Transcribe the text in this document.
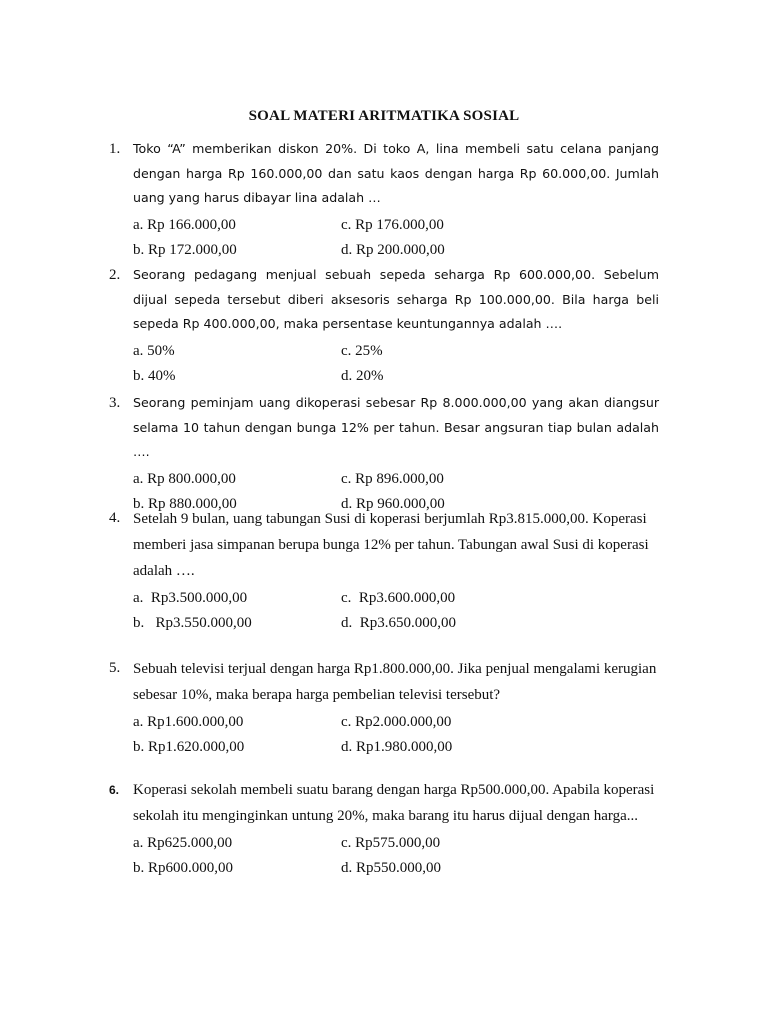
SOAL MATERI ARITMATIKA SOSIAL
1. Toko “A” memberikan diskon 20%. Di toko A, lina membeli satu celana panjang dengan harga Rp 160.000,00 dan satu kaos dengan harga Rp 60.000,00. Jumlah uang yang harus dibayar lina adalah …
a. Rp 166.000,00	c. Rp 176.000,00
b. Rp 172.000,00	d. Rp 200.000,00
2. Seorang pedagang menjual sebuah sepeda seharga Rp 600.000,00. Sebelum dijual sepeda tersebut diberi aksesoris seharga Rp 100.000,00. Bila harga beli sepeda Rp 400.000,00, maka persentase keuntungannya adalah ….
a. 50%	c. 25%
b. 40%	d. 20%
3. Seorang peminjam uang dikoperasi sebesar Rp 8.000.000,00 yang akan diangsur selama 10 tahun dengan bunga 12% per tahun. Besar angsuran tiap bulan adalah ….
a. Rp 800.000,00	c. Rp 896.000,00
b. Rp 880.000,00	d. Rp 960.000,00
4. Setelah 9 bulan, uang tabungan Susi di koperasi berjumlah Rp3.815.000,00. Koperasi memberi jasa simpanan berupa bunga 12% per tahun. Tabungan awal Susi di koperasi adalah ….
a.  Rp3.500.000,00	c.  Rp3.600.000,00
b.   Rp3.550.000,00	d.  Rp3.650.000,00
5. Sebuah televisi terjual dengan harga Rp1.800.000,00. Jika penjual mengalami kerugian sebesar 10%, maka berapa harga pembelian televisi tersebut?
a. Rp1.600.000,00	c. Rp2.000.000,00
b. Rp1.620.000,00	d. Rp1.980.000,00
6. Koperasi sekolah membeli suatu barang dengan harga Rp500.000,00. Apabila koperasi sekolah itu menginginkan untung 20%, maka barang itu harus dijual dengan harga...
a. Rp625.000,00	c. Rp575.000,00
b. Rp600.000,00	d. Rp550.000,00
